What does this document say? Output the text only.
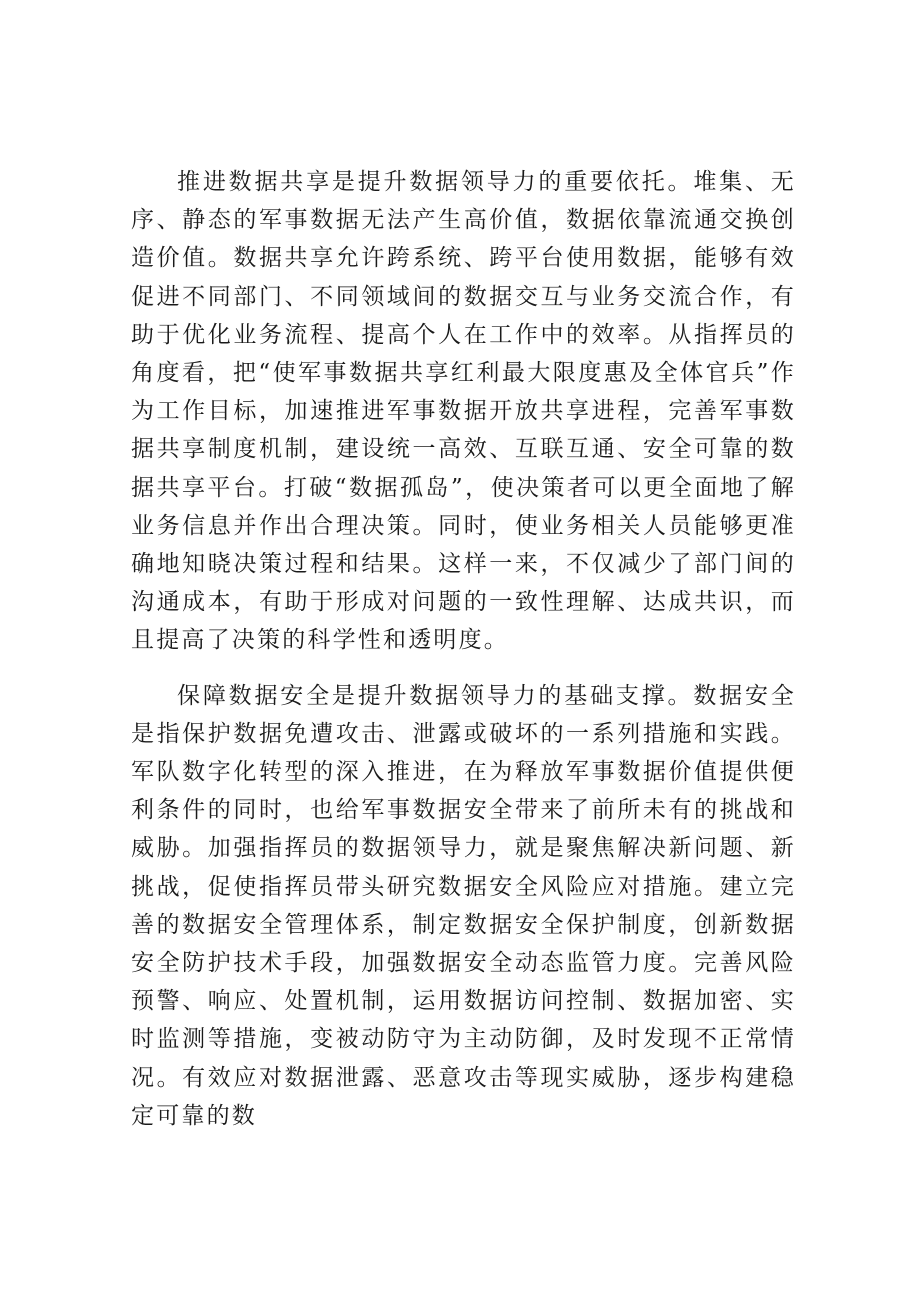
推进数据共享是提升数据领导力的重要依托。堆集、无序、静态的军事数据无法产生高价值，数据依靠流通交换创造价值。数据共享允许跨系统、跨平台使用数据，能够有效促进不同部门、不同领域间的数据交互与业务交流合作，有助于优化业务流程、提高个人在工作中的效率。从指挥员的角度看，把“使军事数据共享红利最大限度惠及全体官兵”作为工作目标，加速推进军事数据开放共享进程，完善军事数据共享制度机制，建设统一高效、互联互通、安全可靠的数据共享平台。打破“数据孤岛”，使决策者可以更全面地了解业务信息并作出合理决策。同时，使业务相关人员能够更准确地知晓决策过程和结果。这样一来，不仅减少了部门间的沟通成本，有助于形成对问题的一致性理解、达成共识，而且提高了决策的科学性和透明度。

保障数据安全是提升数据领导力的基础支撑。数据安全是指保护数据免遭攻击、泄露或破坏的一系列措施和实践。军队数字化转型的深入推进，在为释放军事数据价值提供便利条件的同时，也给军事数据安全带来了前所未有的挑战和威胁。加强指挥员的数据领导力，就是聚焦解决新问题、新挑战，促使指挥员带头研究数据安全风险应对措施。建立完善的数据安全管理体系，制定数据安全保护制度，创新数据安全防护技术手段，加强数据安全动态监管力度。完善风险预警、响应、处置机制，运用数据访问控制、数据加密、实时监测等措施，变被动防守为主动防御，及时发现不正常情况。有效应对数据泄露、恶意攻击等现实威胁，逐步构建稳定可靠的数
